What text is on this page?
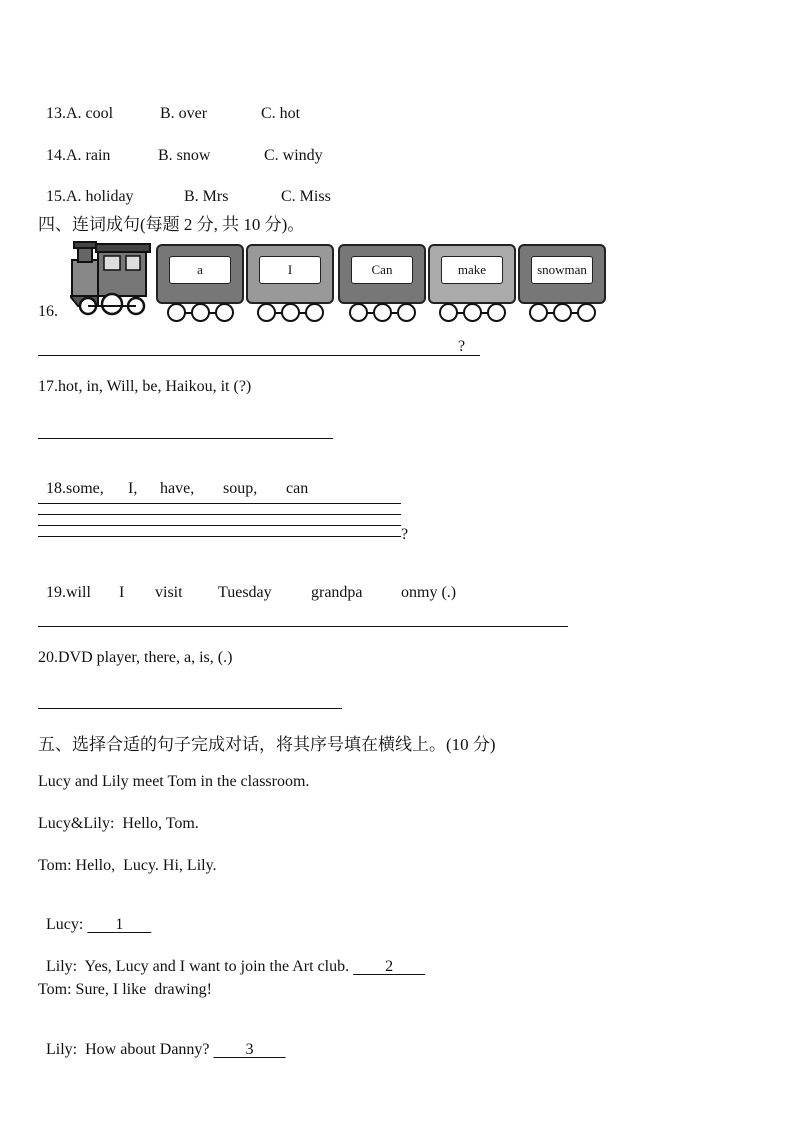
13.A. cool	B. over	C. hot

14.A. rain	B. snow	C. windy

15.A. holiday	B. Mrs	C. Miss

四、连词成句(每题 2 分, 共 10 分)。
16.
a	I	Can	make	snowman
?
17.hot, in, Will, be, Haikou, it (?)

18.some, I, have, soup, can

?

19.will I visit Tuesday grandpa onmy (.)

20.DVD player, there, a, is, (.)
五、选择合适的句子完成对话，将其序号填在横线上。(10 分)
Lucy and Lily meet Tom in the classroom.
Lucy&Lily:  Hello, Tom.
Tom: Hello,  Lucy. Hi, Lily.

Lucy:        1

Lily:  Yes, Lucy and I want to join the Art club.         2

Tom: Sure, I like  drawing!

Lily:  How about Danny?         3
